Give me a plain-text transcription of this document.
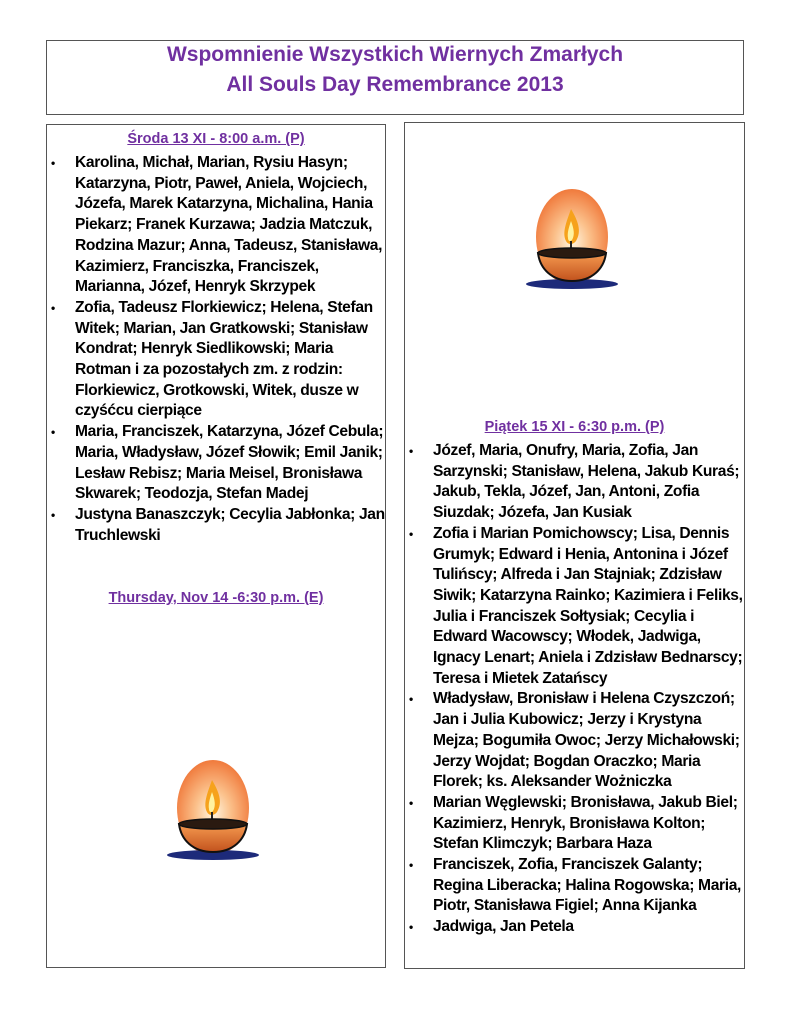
Wspomnienie Wszystkich Wiernych Zmarłych
All Souls Day Remembrance 2013
Środa 13 XI - 8:00 a.m. (P)
• Karolina, Michał, Marian, Rysiu Hasyn; Katarzyna, Piotr, Paweł, Aniela, Wojciech, Józefa, Marek Katarzyna, Michalina, Hania Piekarz; Franek Kurzawa; Jadzia Matczuk, Rodzina Mazur; Anna, Tadeusz, Stanisława, Kazimierz, Franciszka, Franciszek, Marianna, Józef, Henryk Skrzypek
• Zofia, Tadeusz Florkiewicz; Helena, Stefan Witek; Marian, Jan Gratkowski; Stanisław Kondrat; Henryk Siedlikowski; Maria Rotman i za pozostałych zm. z rodzin: Florkiewicz, Grotkowski, Witek, dusze w czyśćcu cierpiące
• Maria, Franciszek, Katarzyna, Józef Cebula; Maria, Władysław, Józef Słowik; Emil Janik; Lesław Rebisz; Maria Meisel, Bronisława Skwarek; Teodozja, Stefan Madej
• Justyna Banaszczyk; Cecylia Jabłonka; Jan Truchlewski
Thursday, Nov 14 -6:30 p.m. (E)
Piątek 15 XI - 6:30 p.m. (P)
• Józef, Maria, Onufry, Maria, Zofia, Jan Sarzynski; Stanisław, Helena, Jakub Kuraś; Jakub, Tekla, Józef, Jan, Antoni, Zofia Siuzdak; Józefa, Jan Kusiak
• Zofia i Marian Pomichowscy; Lisa, Dennis Grumyk; Edward i Henia, Antonina i Józef Tulińscy; Alfreda i Jan Stajniak; Zdzisław Siwik; Katarzyna Rainko; Kazimiera i Feliks, Julia i Franciszek Sołtysiak; Cecylia i Edward Wacowscy; Włodek, Jadwiga, Ignacy Lenart; Aniela i Zdzisław Bednarscy; Teresa i Mietek Zatańscy
• Władysław, Bronisław i Helena Czyszczoń; Jan i Julia Kubowicz; Jerzy i Krystyna Mejza; Bogumiła Owoc; Jerzy Michałowski; Jerzy Wojdat; Bogdan Oraczko; Maria Florek; ks. Aleksander Wożniczka
• Marian Węglewski; Bronisława, Jakub Biel; Kazimierz, Henryk, Bronisława Kolton; Stefan Klimczyk; Barbara Haza
• Franciszek, Zofia, Franciszek Galanty; Regina Liberacka; Halina Rogowska; Maria, Piotr, Stanisława Figiel; Anna Kijanka
• Jadwiga, Jan Petela
